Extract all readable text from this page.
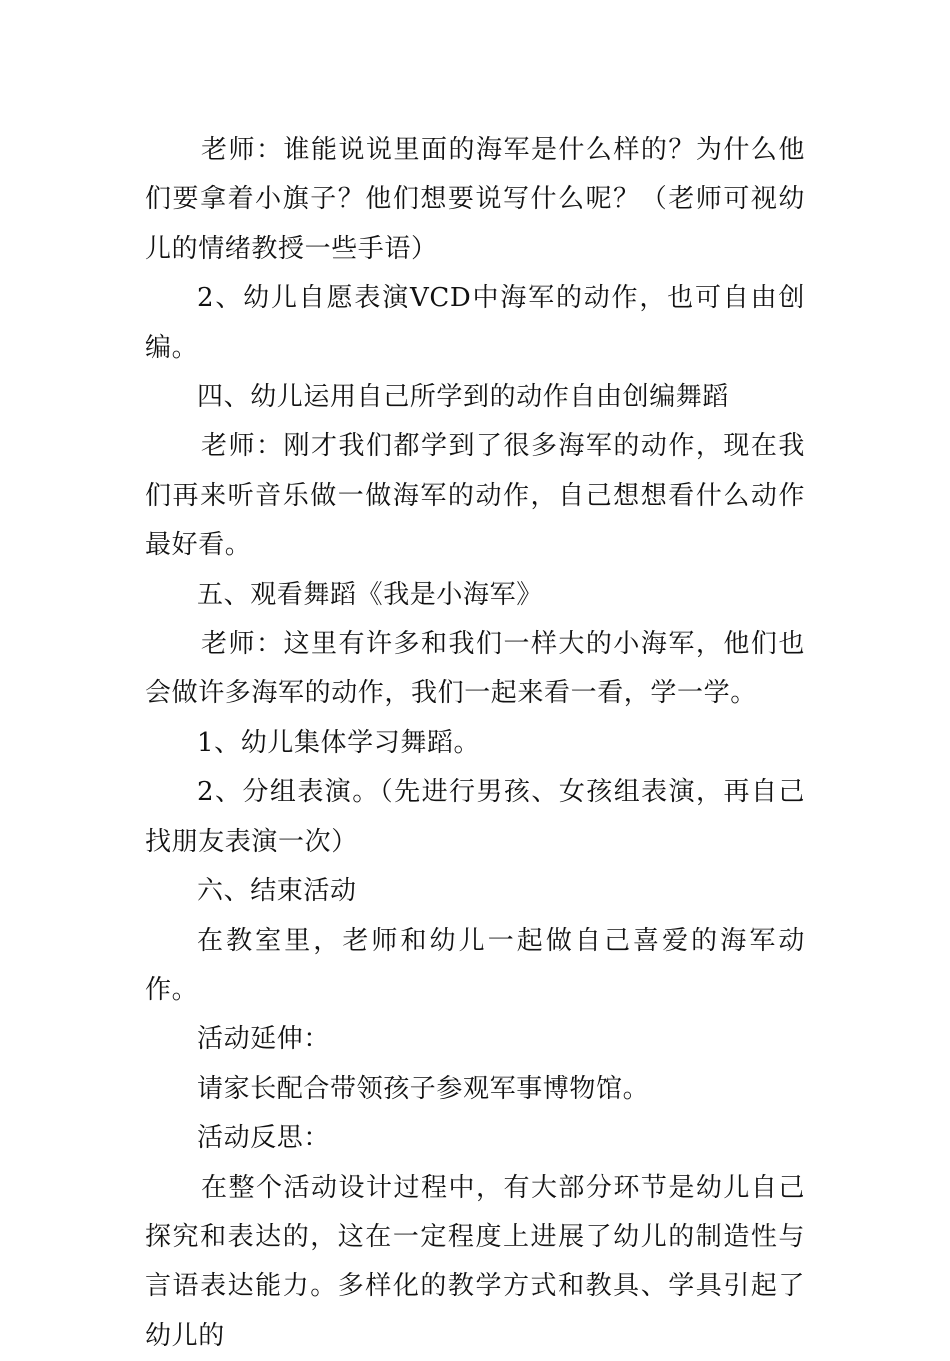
老师：谁能说说里面的海军是什么样的？为什么他们要拿着小旗子？他们想要说写什么呢？（老师可视幼儿的情绪教授一些手语）

2、幼儿自愿表演VCD中海军的动作，也可自由创编。

四、幼儿运用自己所学到的动作自由创编舞蹈

老师：刚才我们都学到了很多海军的动作，现在我们再来听音乐做一做海军的动作，自己想想看什么动作最好看。

五、观看舞蹈《我是小海军》

老师：这里有许多和我们一样大的小海军，他们也会做许多海军的动作，我们一起来看一看，学一学。

1、幼儿集体学习舞蹈。

2、分组表演。（先进行男孩、女孩组表演，再自己找朋友表演一次）

六、结束活动

在教室里，老师和幼儿一起做自己喜爱的海军动作。

活动延伸：

请家长配合带领孩子参观军事博物馆。

活动反思：

在整个活动设计过程中，有大部分环节是幼儿自己探究和表达的，这在一定程度上进展了幼儿的制造性与言语表达能力。多样化的教学方式和教具、学具引起了幼儿的
